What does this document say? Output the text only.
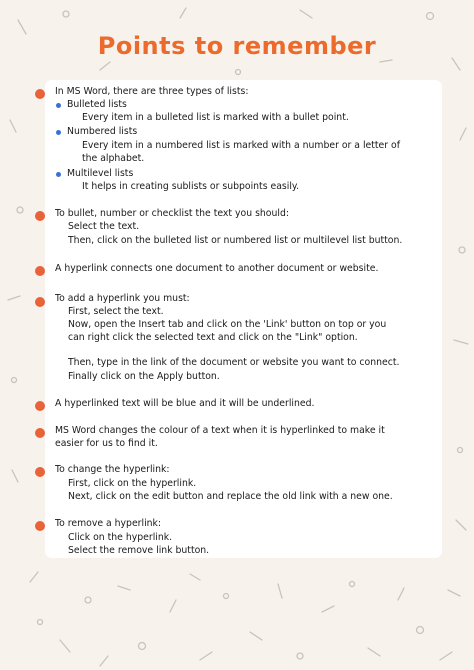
Points to remember
In MS Word, there are three types of lists:
Bulleted lists
Every item in a bulleted list is marked with a bullet point.
Numbered lists
Every item in a numbered list is marked with a number or a letter of
the alphabet.
Multilevel lists
It helps in creating sublists or subpoints easily.
To bullet, number or checklist the text you should:
Select the text.
Then, click on the bulleted list or numbered list or multilevel list button.
A hyperlink connects one document to another document or website.
To add a hyperlink you must:
First, select the text.
Now, open the Insert tab and click on the 'Link' button on top or you
can right click the selected text and click on the "Link" option.
Then, type in the link of the document or website you want to connect.
Finally click on the Apply button.
A hyperlinked text will be blue and it will be underlined.
MS Word changes the colour of a text when it is hyperlinked to make it
easier for us to find it.
To change the hyperlink:
First, click on the hyperlink.
Next, click on the edit button and replace the old link with a new one.
To remove a hyperlink:
Click on the hyperlink.
Select the remove link button.
